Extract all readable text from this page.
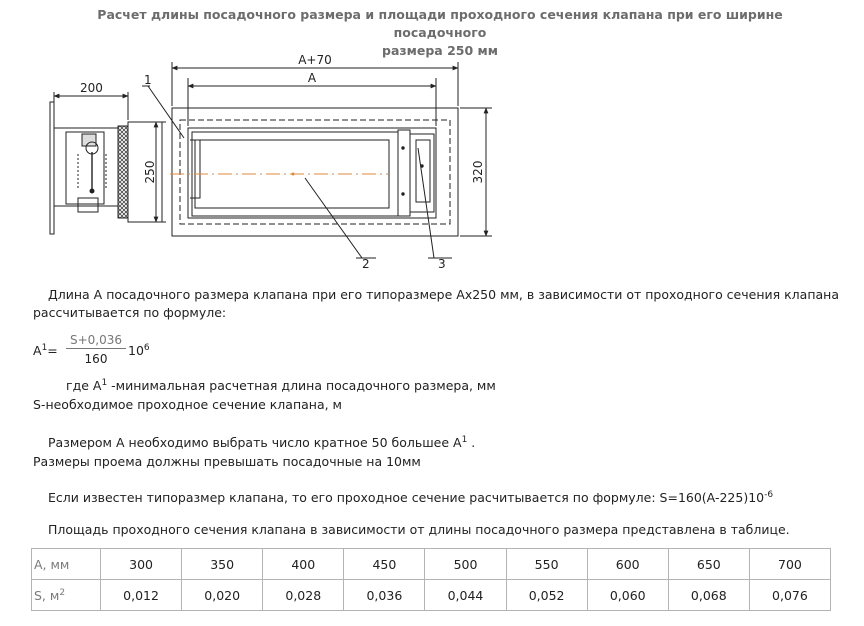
Расчет длины посадочного размера и площади проходного сечения клапана при его ширине посадочного
размера 250 мм
200
250
A+70
A
320
1
2	3
Длина А посадочного размера клапана при его типоразмере Ах250 мм, в зависимости от проходного сечения клапана
рассчитывается по формуле:
$A^1= \frac{S+0,036}{160} 10^6$
где $А^1$ -минимальная расчетная длина посадочного размера, мм
S-необходимое проходное сечение клапана, м
Размером А необходимо выбрать число кратное 50 большее $А^1$ .
Размеры проема должны превышать посадочные на 10мм
Если известен типоразмер клапана, то его проходное сечение расчитывается по формуле: $S=160(A-225)10^{-6}$
Площадь проходного сечения клапана в зависимости от длины посадочного размера представлена в таблице.
А, мм	300	350	400	450	500	550	600	650	700
S, $м^2$	0,012	0,020	0,028	0,036	0,044	0,052	0,060	0,068	0,076
